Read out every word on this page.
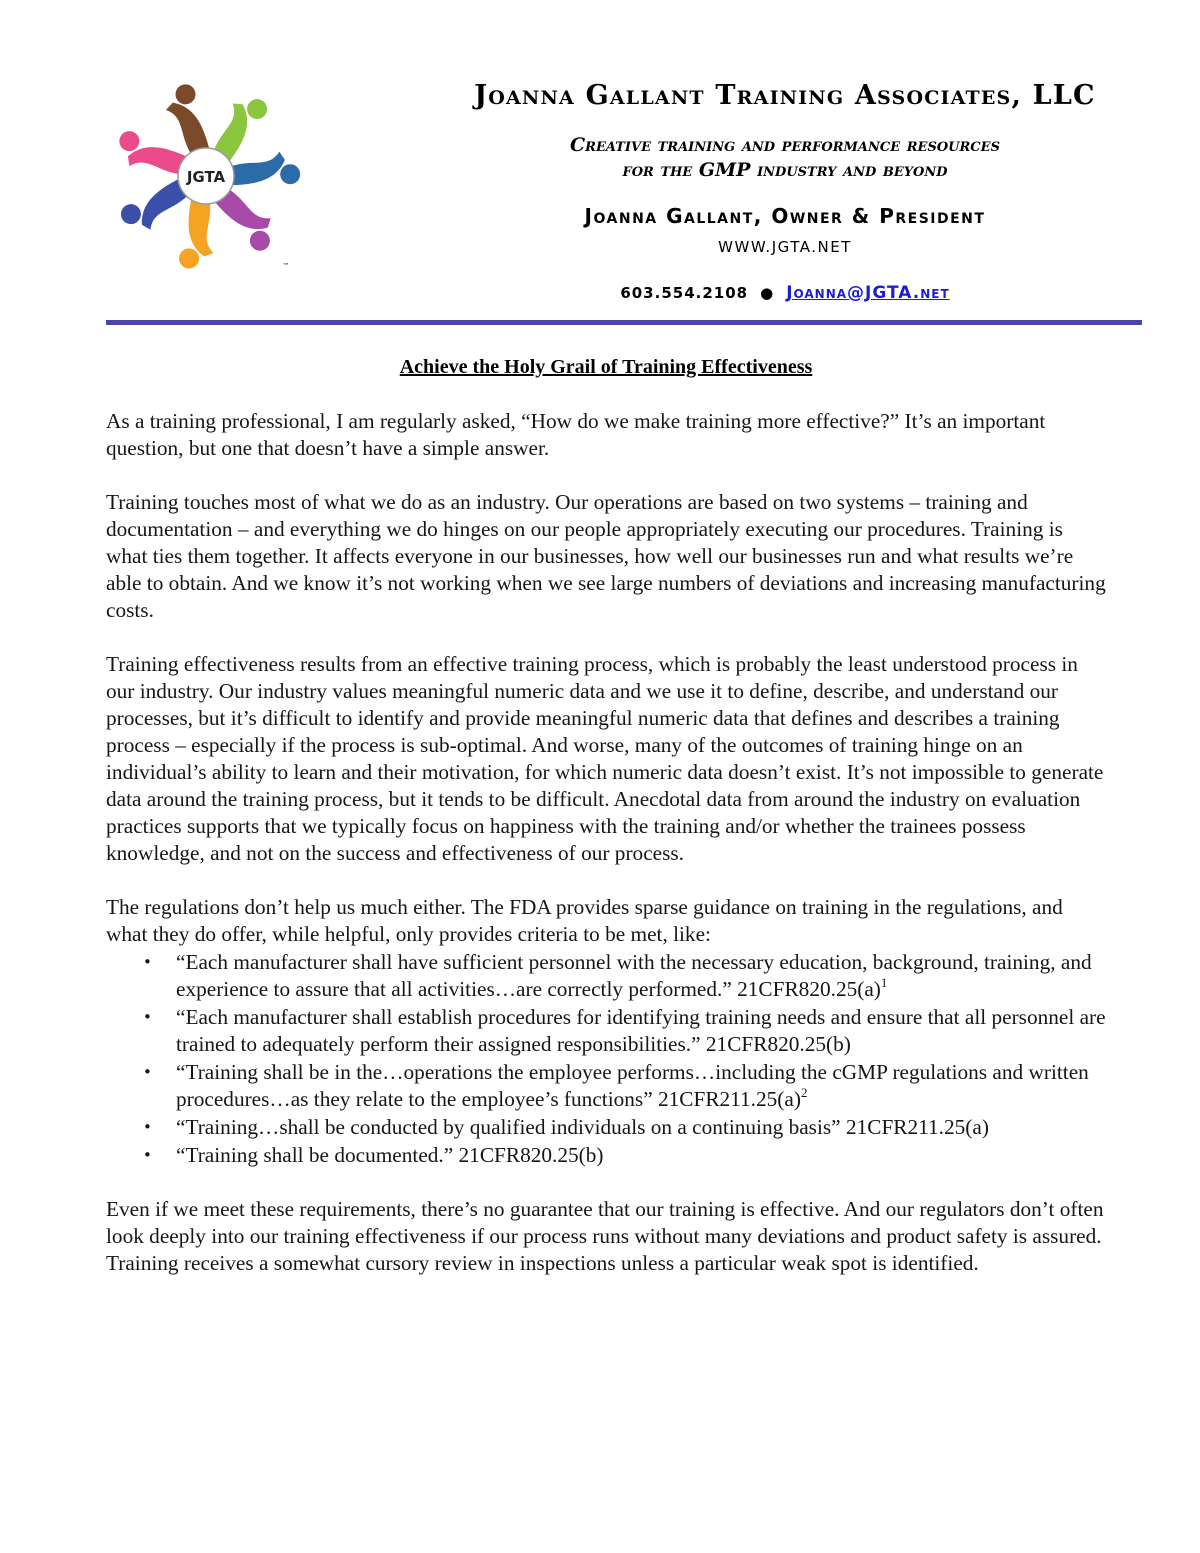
JGTA
™
Joanna Gallant Training Associates, LLC
Creative training and performance resources
for the GMP industry and beyond
Joanna Gallant, Owner & President
WWW.JGTA.NET
603.554.2108 ● Joanna@JGTA.net
Achieve the Holy Grail of Training Effectiveness

As a training professional, I am regularly asked, “How do we make training more effective?” It’s an important question, but one that doesn’t have a simple answer.

Training touches most of what we do as an industry. Our operations are based on two systems – training and documentation – and everything we do hinges on our people appropriately executing our procedures. Training is what ties them together. It affects everyone in our businesses, how well our businesses run and what results we’re able to obtain. And we know it’s not working when we see large numbers of deviations and increasing manufacturing costs.

Training effectiveness results from an effective training process, which is probably the least understood process in our industry. Our industry values meaningful numeric data and we use it to define, describe, and understand our processes, but it’s difficult to identify and provide meaningful numeric data that defines and describes a training process – especially if the process is sub-optimal. And worse, many of the outcomes of training hinge on an individual’s ability to learn and their motivation, for which numeric data doesn’t exist. It’s not impossible to generate data around the training process, but it tends to be difficult. Anecdotal data from around the industry on evaluation practices supports that we typically focus on happiness with the training and/or whether the trainees possess knowledge, and not on the success and effectiveness of our process.

The regulations don’t help us much either. The FDA provides sparse guidance on training in the regulations, and what they do offer, while helpful, only provides criteria to be met, like:

• “Each manufacturer shall have sufficient personnel with the necessary education, background, training, and experience to assure that all activities…are correctly performed.” $21CFR820.25(a)^1$
• “Each manufacturer shall establish procedures for identifying training needs and ensure that all personnel are trained to adequately perform their assigned responsibilities.” 21CFR820.25(b)
• “Training shall be in the…operations the employee performs…including the cGMP regulations and written procedures…as they relate to the employee’s functions” $21CFR211.25(a)^2$
• “Training…shall be conducted by qualified individuals on a continuing basis” 21CFR211.25(a)
• “Training shall be documented.” 21CFR820.25(b)

Even if we meet these requirements, there’s no guarantee that our training is effective. And our regulators don’t often look deeply into our training effectiveness if our process runs without many deviations and product safety is assured. Training receives a somewhat cursory review in inspections unless a particular weak spot is identified.
